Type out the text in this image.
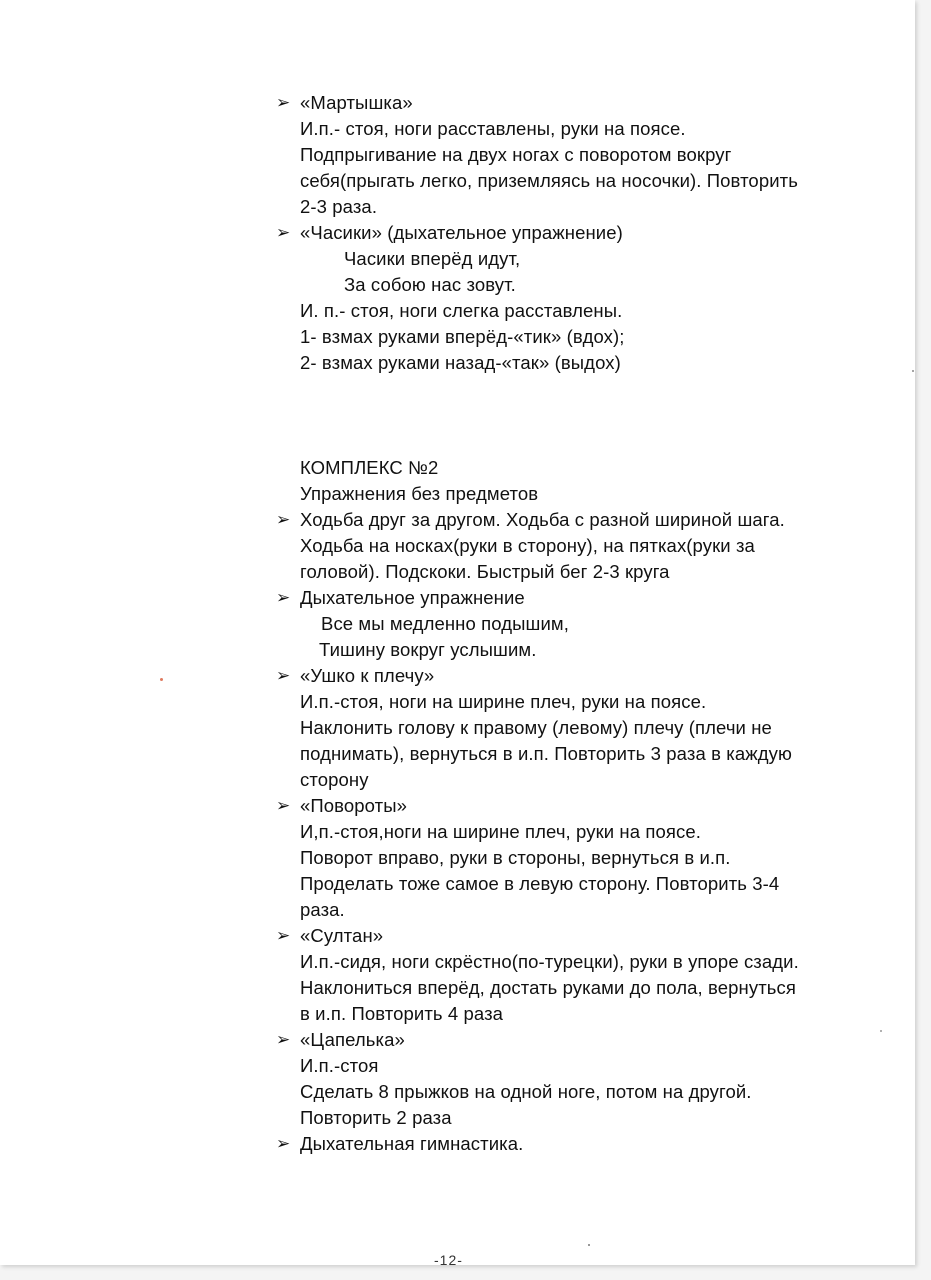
➢ «Мартышка»
И.п.- стоя, ноги расставлены, руки на поясе.
Подпрыгивание на двух ногах с поворотом вокруг
себя(прыгать легко, приземляясь на носочки). Повторить
2-3 раза.
➢ «Часики» (дыхательное упражнение)
Часики вперёд идут,
За собою нас зовут.
И. п.- стоя, ноги слегка расставлены.
1- взмах руками вперёд-«тик» (вдох);
2- взмах руками назад-«так» (выдох)
КОМПЛЕКС №2
Упражнения без предметов
➢ Ходьба друг за другом. Ходьба с разной шириной шага.
Ходьба на носках(руки в сторону), на пятках(руки за
головой). Подскоки. Быстрый бег 2-3 круга
➢ Дыхательное упражнение
Все мы медленно подышим,
Тишину вокруг услышим.
➢ «Ушко к плечу»
И.п.-стоя, ноги на ширине плеч, руки на поясе.
Наклонить голову к правому (левому) плечу (плечи не
поднимать), вернуться в и.п. Повторить 3 раза в каждую
сторону
➢ «Повороты»
И,п.-стоя,ноги на ширине плеч, руки на поясе.
Поворот вправо, руки в стороны, вернуться в и.п.
Проделать тоже самое в левую сторону. Повторить 3-4
раза.
➢ «Султан»
И.п.-сидя, ноги скрёстно(по-турецки), руки в упоре сзади.
Наклониться вперёд, достать руками до пола, вернуться
в и.п. Повторить 4 раза
➢ «Цапелька»
И.п.-стоя
Сделать 8 прыжков на одной ноге, потом на другой.
Повторить 2 раза
➢ Дыхательная гимнастика.
-12-
